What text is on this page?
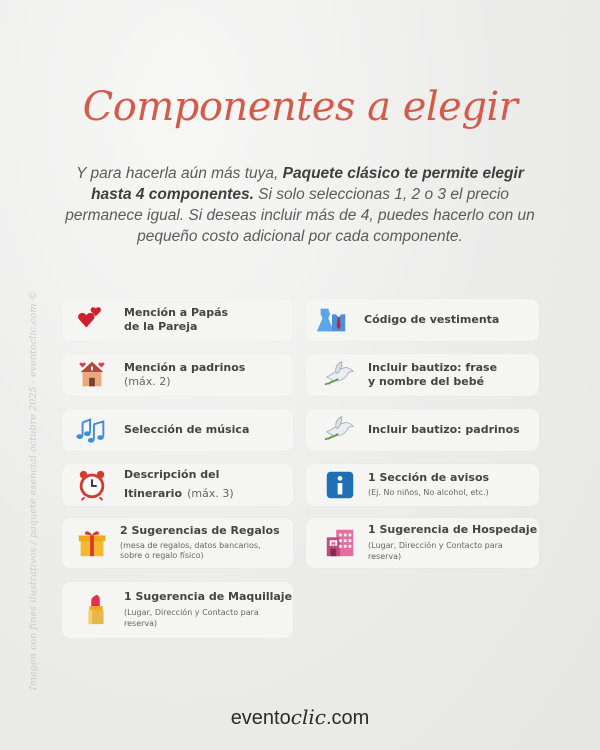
Imagen con fines ilustrativos / paquete esencial octubre 2025 · eventoclic.com ©
Componentes a elegir
Y para hacerla aún más tuya, Paquete clásico te permite elegir hasta 4 componentes. Si solo seleccionas 1, 2 o 3 el precio permanece igual. Si deseas incluir más de 4, puedes hacerlo con un pequeño costo adicional por cada componente.
Mención a Papás
de la Pareja
Código de vestimenta
Mención a padrinos
(máx. 2)
Incluir bautizo: frase
y nombre del bebé
Selección de música	Incluir bautizo: padrinos
Descripción del
Itinerario (máx. 3)
1 Sección de avisos
(Ej. No niños, No alcohol, etc.)
2 Sugerencias de Regalos
(mesa de regalos, datos bancarios,
sobre o regalo físico)
H
1 Sugerencia de Hospedaje
(Lugar, Dirección y Contacto para
reserva)
1 Sugerencia de Maquillaje
(Lugar, Dirección y Contacto para
reserva)
eventoclic.com
